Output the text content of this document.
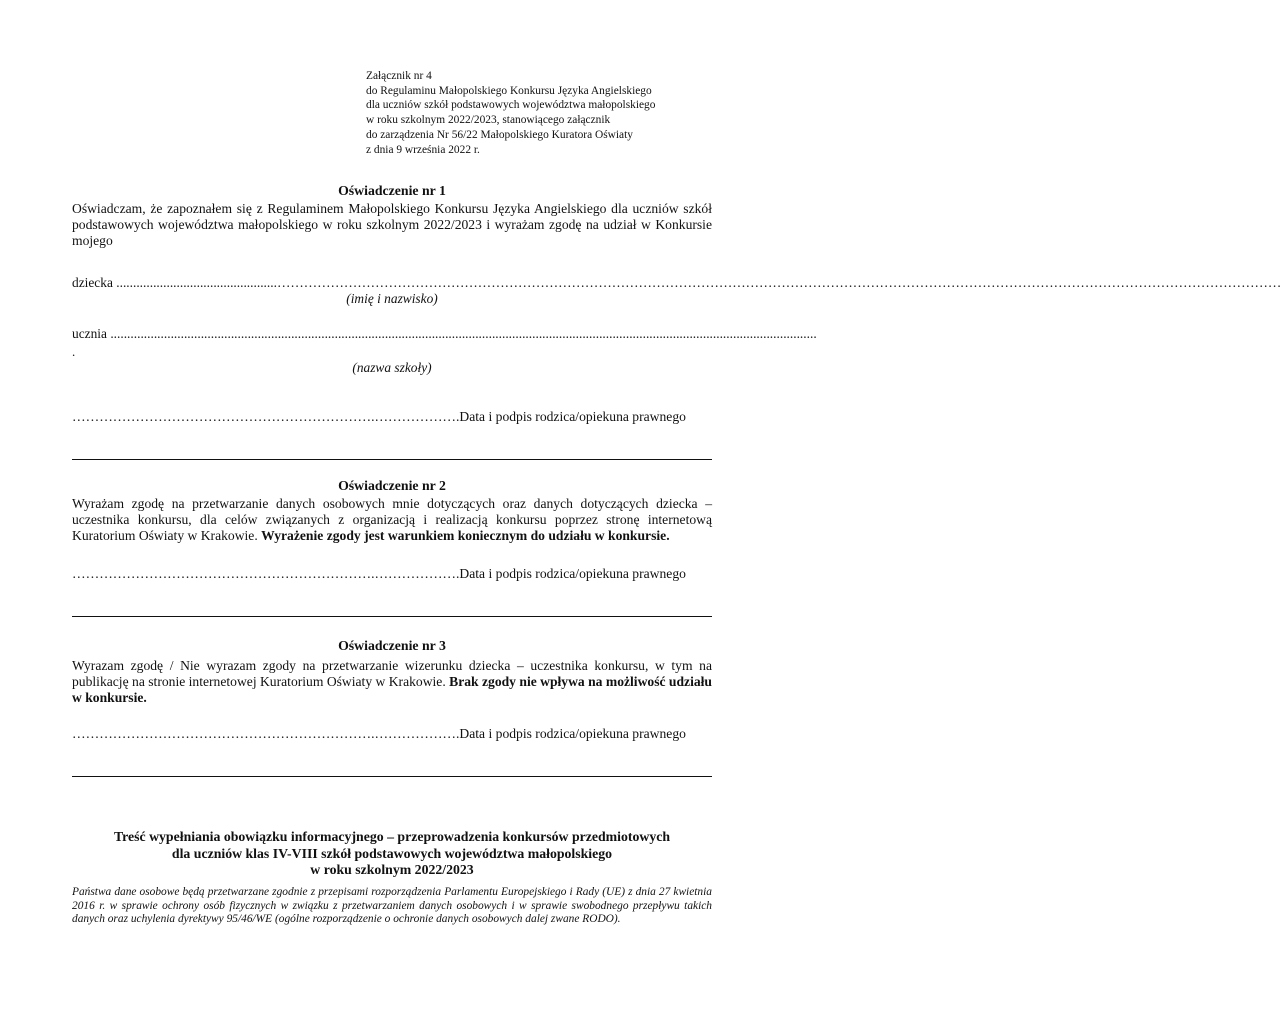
Załącznik nr 4
do Regulaminu Małopolskiego Konkursu Języka Angielskiego
dla uczniów szkół podstawowych województwa małopolskiego
w roku szkolnym 2022/2023, stanowiącego załącznik
do zarządzenia Nr 56/22 Małopolskiego Kuratora Oświaty
z dnia 9 września 2022 r.
Oświadczenie nr 1
Oświadczam, że zapoznałem się z Regulaminem Małopolskiego Konkursu Języka Angielskiego dla uczniów szkół podstawowych województwa małopolskiego w roku szkolnym 2022/2023 i wyrażam zgodę na udział w Konkursie mojego
dziecka ................................................………………………………………………………………………………………………………………………………………………………………………………………………………
(imię i nazwisko)
ucznia ...................................................................................................................................................................................................................
.
(nazwa szkoły)
………………………………………………………….……………….Data i podpis rodzica/opiekuna prawnego
Oświadczenie nr 2
Wyrażam zgodę na przetwarzanie danych osobowych mnie dotyczących oraz danych dotyczących dziecka – uczestnika konkursu, dla celów związanych z organizacją i realizacją konkursu poprzez stronę internetową Kuratorium Oświaty w Krakowie. Wyrażenie zgody jest warunkiem koniecznym do udziału w konkursie.
………………………………………………………….……………….Data i podpis rodzica/opiekuna prawnego
Oświadczenie nr 3
Wyrazam zgodę / Nie wyrazam zgody na przetwarzanie wizerunku dziecka – uczestnika konkursu, w tym na publikację na stronie internetowej Kuratorium Oświaty w Krakowie. Brak zgody nie wpływa na możliwość udziału w konkursie.
………………………………………………………….……………….Data i podpis rodzica/opiekuna prawnego
Treść wypełniania obowiązku informacyjnego – przeprowadzenia konkursów przedmiotowych
dla uczniów klas IV-VIII szkół podstawowych województwa małopolskiego
w roku szkolnym 2022/2023
Państwa dane osobowe będą przetwarzane zgodnie z przepisami rozporządzenia Parlamentu Europejskiego i Rady (UE) z dnia 27 kwietnia 2016 r. w sprawie ochrony osób fizycznych w związku z przetwarzaniem danych osobowych i w sprawie swobodnego przepływu takich danych oraz uchylenia dyrektywy 95/46/WE (ogólne rozporządzenie o ochronie danych osobowych dalej zwane RODO).
